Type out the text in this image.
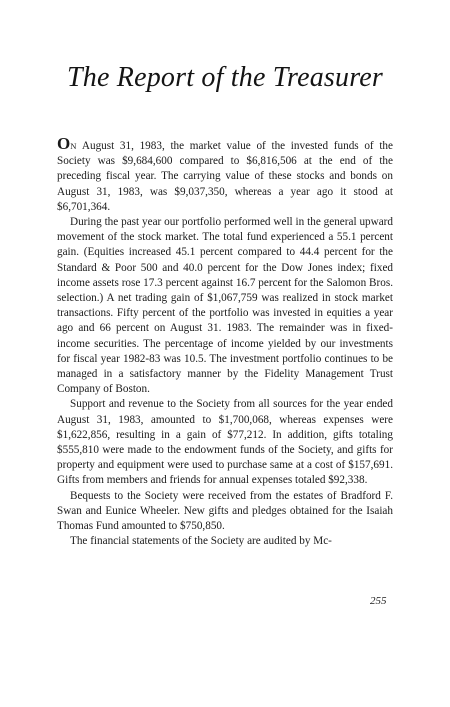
The Report of the Treasurer

ON August 31, 1983, the market value of the invested funds of the Society was $9,684,600 compared to $6,816,506 at the end of the preceding fiscal year. The carrying value of these stocks and bonds on August 31, 1983, was $9,037,350, whereas a year ago it stood at $6,701,364.

During the past year our portfolio performed well in the general upward movement of the stock market. The total fund experienced a 55.1 percent gain. (Equities increased 45.1 percent compared to 44.4 percent for the Standard & Poor 500 and 40.0 percent for the Dow Jones index; fixed income assets rose 17.3 percent against 16.7 percent for the Salomon Bros. selection.) A net trading gain of $1,067,759 was realized in stock market transactions. Fifty percent of the portfolio was invested in equities a year ago and 66 percent on August 31. 1983. The remainder was in fixed-income securities. The percentage of income yielded by our investments for fiscal year 1982-83 was 10.5. The investment portfolio continues to be managed in a satisfactory manner by the Fidelity Management Trust Company of Boston.

Support and revenue to the Society from all sources for the year ended August 31, 1983, amounted to $1,700,068, whereas expenses were $1,622,856, resulting in a gain of $77,212. In addition, gifts totaling $555,810 were made to the endowment funds of the Society, and gifts for property and equipment were used to purchase same at a cost of $157,691. Gifts from members and friends for annual expenses totaled $92,338.

Bequests to the Society were received from the estates of Bradford F. Swan and Eunice Wheeler. New gifts and pledges obtained for the Isaiah Thomas Fund amounted to $750,850.

The financial statements of the Society are audited by Mc-

255
